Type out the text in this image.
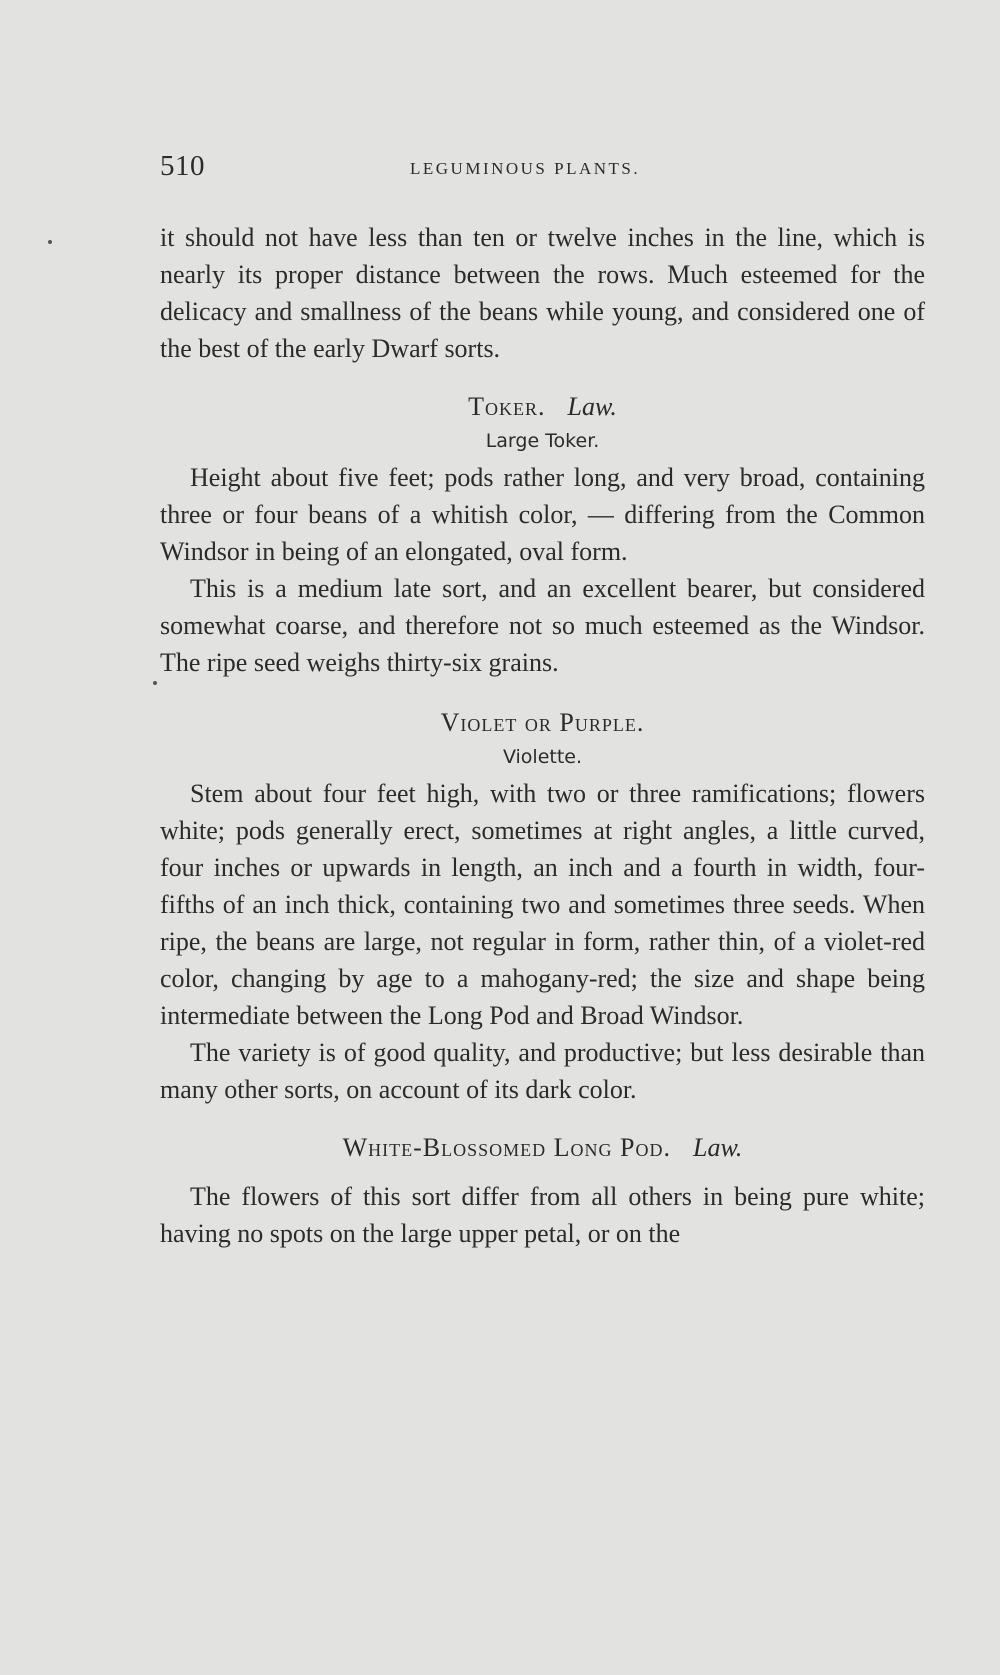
510	LEGUMINOUS PLANTS.

it should not have less than ten or twelve inches in the line, which is nearly its proper distance between the rows. Much esteemed for the delicacy and smallness of the beans while young, and considered one of the best of the early Dwarf sorts.

Toker. Law.

Large Toker.

Height about five feet; pods rather long, and very broad, containing three or four beans of a whitish color, — differing from the Common Windsor in being of an elongated, oval form.

This is a medium late sort, and an excellent bearer, but considered somewhat coarse, and therefore not so much esteemed as the Windsor. The ripe seed weighs thirty-six grains.

Violet or Purple.

Violette.

Stem about four feet high, with two or three ramifications; flowers white; pods generally erect, sometimes at right angles, a little curved, four inches or upwards in length, an inch and a fourth in width, four-fifths of an inch thick, containing two and sometimes three seeds. When ripe, the beans are large, not regular in form, rather thin, of a violet-red color, changing by age to a mahogany-red; the size and shape being intermediate between the Long Pod and Broad Windsor.

The variety is of good quality, and productive; but less desirable than many other sorts, on account of its dark color.

White-Blossomed Long Pod. Law.

The flowers of this sort differ from all others in being pure white; having no spots on the large upper petal, or on the
